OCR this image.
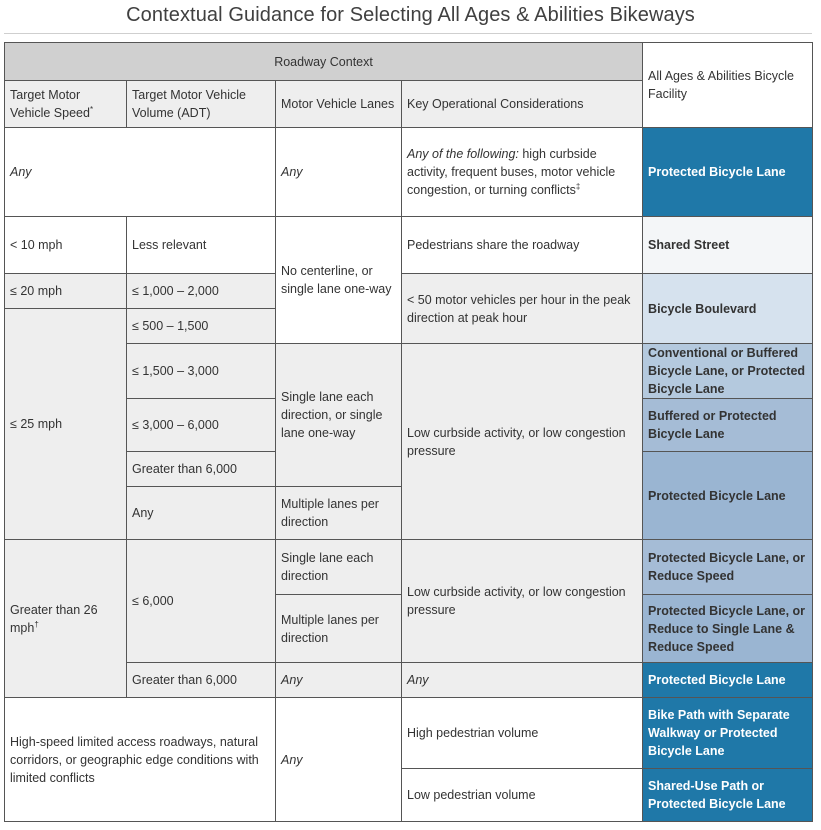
Contextual Guidance for Selecting All Ages & Abilities Bikeways
Roadway Context				All Ages & Abilities Bicycle Facility
Target Motor Vehicle Speed*	Target Motor Vehicle Volume (ADT)	Motor Vehicle Lanes	Key Operational Considerations	
Any		Any	Any of the following: high curbside activity, frequent buses, motor vehicle congestion, or turning conflicts‡	Protected Bicycle Lane
< 10 mph	Less relevant	No centerline, or single lane one-way	Pedestrians share the roadway	Shared Street
≤ 20 mph	≤ 1,000 – 2,000		< 50 motor vehicles per hour in the peak direction at peak hour	Bicycle Boulevard
≤ 25 mph	≤ 500 – 1,500			
	≤ 1,500 – 3,000	Single lane each direction, or single lane one-way	Low curbside activity, or low congestion pressure	Conventional or Buffered Bicycle Lane, or Protected Bicycle Lane
	≤ 3,000 – 6,000			Buffered or Protected Bicycle Lane
	Greater than 6,000			Protected Bicycle Lane
	Any	Multiple lanes per direction		
Greater than 26 mph†	≤ 6,000	Single lane each direction	Low curbside activity, or low congestion pressure	Protected Bicycle Lane, or Reduce Speed
		Multiple lanes per direction		Protected Bicycle Lane, or Reduce to Single Lane & Reduce Speed
	Greater than 6,000	Any	Any	Protected Bicycle Lane
High-speed limited access roadways, natural corridors, or geographic edge conditions with limited conflicts		Any	High pedestrian volume	Bike Path with Separate Walkway or Protected Bicycle Lane
			Low pedestrian volume	Shared-Use Path or Protected Bicycle Lane
